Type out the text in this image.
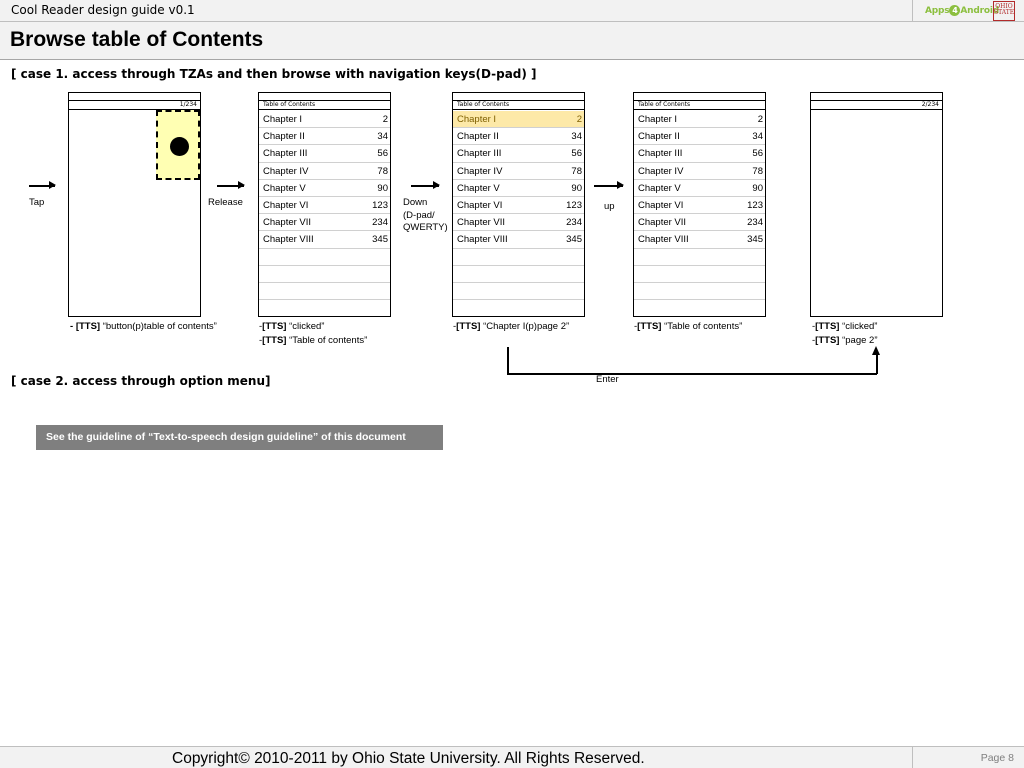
Cool Reader design guide v0.1	Apps 4 Android
OHIO
STATE
Browse table of Contents
[ case 1. access through TZAs and then browse with navigation keys(D-pad) ]
1/234
Tap	Release
Table of Contents
Chapter I	2
Chapter II	34
Chapter III	56
Chapter IV	78
Chapter V	90
Chapter VI	123
Chapter VII	234
Chapter VIII	345
Down
(D-pad/
QWERTY)
Table of Contents
Chapter I	2
Chapter II	34
Chapter III	56
Chapter IV	78
Chapter V	90
Chapter VI	123
Chapter VII	234
Chapter VIII	345
up
Table of Contents
Chapter I	2
Chapter II	34
Chapter III	56
Chapter IV	78
Chapter V	90
Chapter VI	123
Chapter VII	234
Chapter VIII	345
2/234
- [TTS] “button(p)table of contents”	-[TTS] “clicked”
-[TTS] “Table of contents”
-[TTS] “Chapter I(p)page 2”	-[TTS] “Table of contents”	-[TTS] “clicked”
-[TTS] “page 2”
Enter
[ case 2. access through option menu]
See the guideline of “Text-to-speech design guideline” of this document
Copyright© 2010-2011 by Ohio State University. All Rights Reserved.	Page 8
